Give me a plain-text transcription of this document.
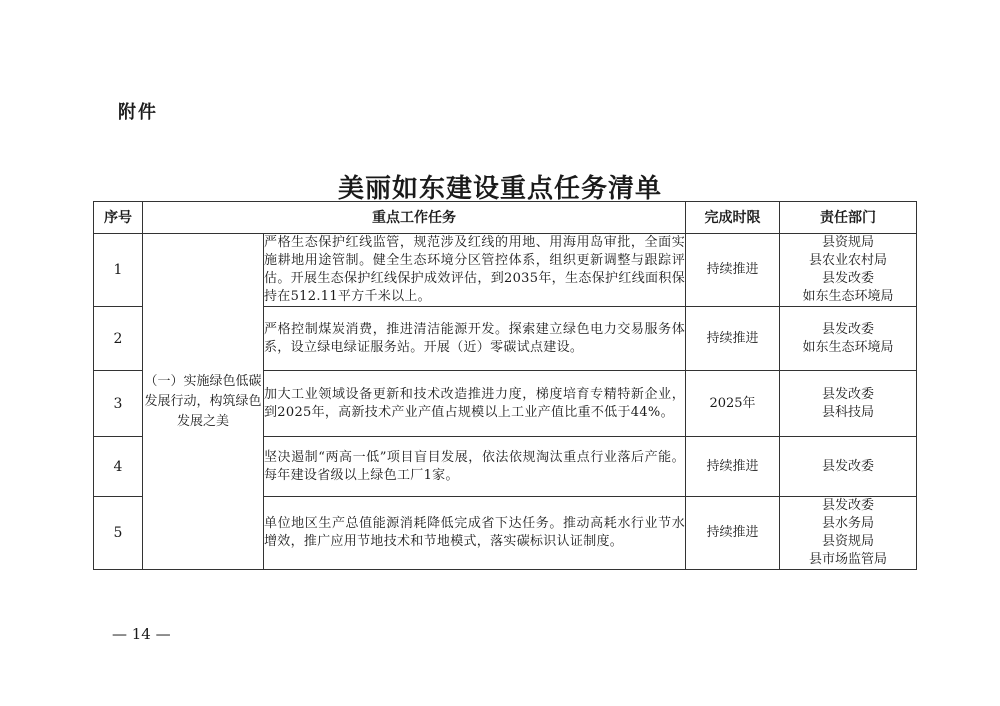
附件
美丽如东建设重点任务清单
序号	重点工作任务		完成时限	责任部门
1	（一）实施绿色低碳发展行动，构筑绿色发展之美	严格生态保护红线监管，规范涉及红线的用地、用海用岛审批，全面实施耕地用途管制。健全生态环境分区管控体系，组织更新调整与跟踪评估。开展生态保护红线保护成效评估，到2035年，生态保护红线面积保持在512.11平方千米以上。	持续推进	县资规局
县农业农村局
县发改委
如东生态环境局

2		严格控制煤炭消费，推进清洁能源开发。探索建立绿色电力交易服务体系，设立绿电绿证服务站。开展（近）零碳试点建设。	持续推进	县发改委
如东生态环境局

3		加大工业领域设备更新和技术改造推进力度，梯度培育专精特新企业，到2025年，高新技术产业产值占规模以上工业产值比重不低于44%。	2025年	县发改委
县科技局

4		坚决遏制“两高一低”项目盲目发展，依法依规淘汰重点行业落后产能。每年建设省级以上绿色工厂1家。	持续推进	县发改委

5		单位地区生产总值能源消耗降低完成省下达任务。推动高耗水行业节水增效，推广应用节地技术和节地模式，落实碳标识认证制度。	持续推进	县发改委
县水务局
县资规局
县市场监管局
— 14 —
